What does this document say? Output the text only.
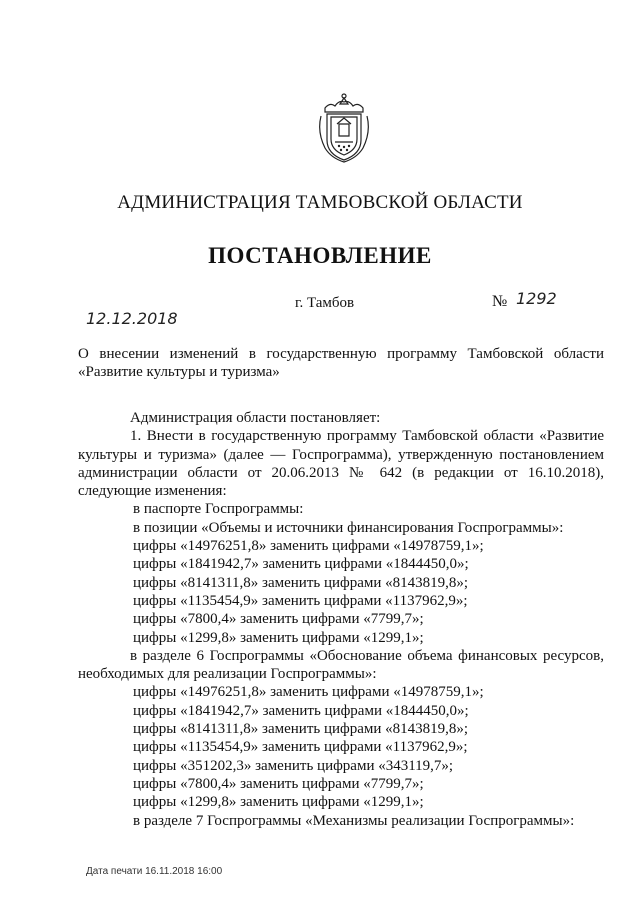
АДМИНИСТРАЦИЯ ТАМБОВСКОЙ ОБЛАСТИ
ПОСТАНОВЛЕНИЕ
12.12.2018
г. Тамбов	№ 1292
О внесении изменений в государственную программу Тамбовской области «Развитие культуры и туризма»

Администрация области постановляет:

1. Внести в государственную программу Тамбовской области «Развитие культуры и туризма» (далее — Госпрограмма), утвержденную постановлением администрации области от 20.06.2013 № 642 (в редакции от 16.10.2018), следующие изменения:

в паспорте Госпрограммы:

в позиции «Объемы и источники финансирования Госпрограммы»:

цифры «14976251,8» заменить цифрами «14978759,1»;

цифры «1841942,7» заменить цифрами «1844450,0»;

цифры «8141311,8» заменить цифрами «8143819,8»;

цифры «1135454,9» заменить цифрами «1137962,9»;

цифры «7800,4» заменить цифрами «7799,7»;

цифры «1299,8» заменить цифрами «1299,1»;

в разделе 6 Госпрограммы «Обоснование объема финансовых ресурсов, необходимых для реализации Госпрограммы»:

цифры «14976251,8» заменить цифрами «14978759,1»;

цифры «1841942,7» заменить цифрами «1844450,0»;

цифры «8141311,8» заменить цифрами «8143819,8»;

цифры «1135454,9» заменить цифрами «1137962,9»;

цифры «351202,3» заменить цифрами «343119,7»;

цифры «7800,4» заменить цифрами «7799,7»;

цифры «1299,8» заменить цифрами «1299,1»;

в разделе 7 Госпрограммы «Механизмы реализации Госпрограммы»:

Дата печати 16.11.2018 16:00
